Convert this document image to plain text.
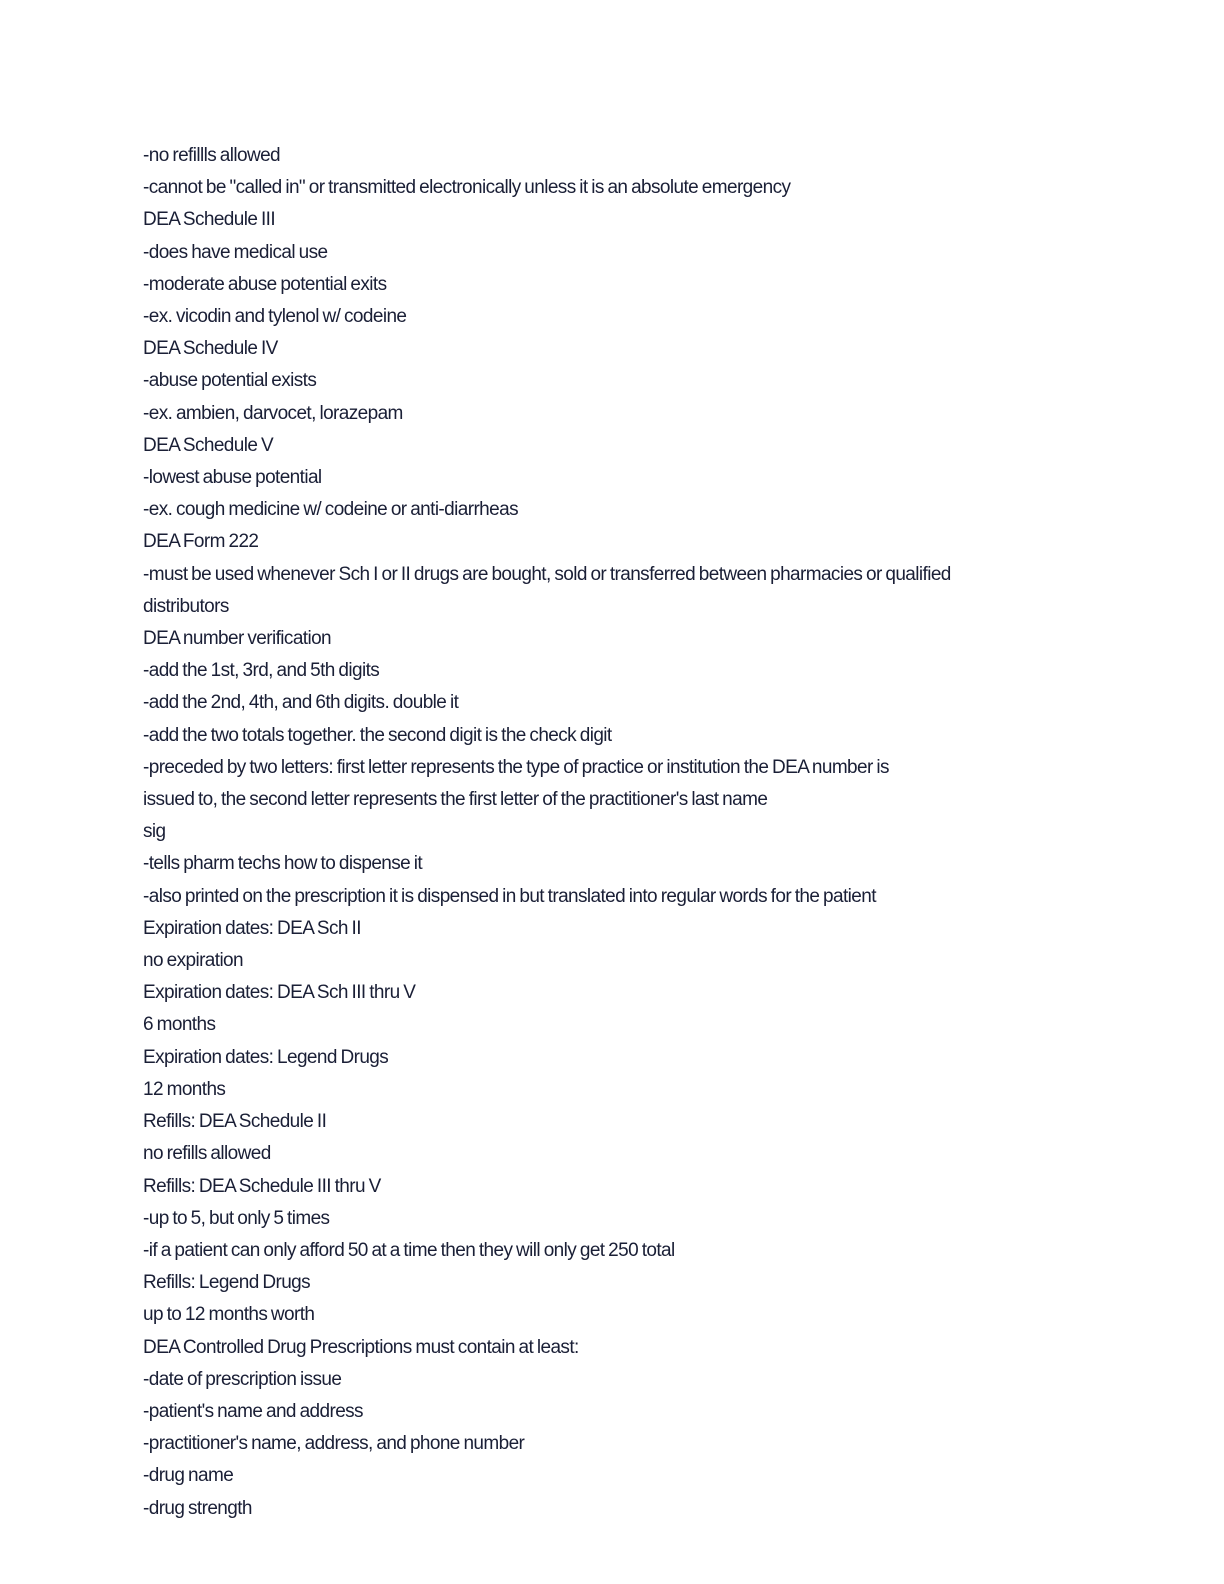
-no refillls allowed
-cannot be "called in" or transmitted electronically unless it is an absolute emergency
DEA Schedule III
-does have medical use
-moderate abuse potential exits
-ex. vicodin and tylenol w/ codeine
DEA Schedule IV
-abuse potential exists
-ex. ambien, darvocet, lorazepam
DEA Schedule V
-lowest abuse potential
-ex. cough medicine w/ codeine or anti-diarrheas
DEA Form 222
-must be used whenever Sch I or II drugs are bought, sold or transferred between pharmacies or qualified
distributors
DEA number verification
-add the 1st, 3rd, and 5th digits
-add the 2nd, 4th, and 6th digits. double it
-add the two totals together. the second digit is the check digit
-preceded by two letters: first letter represents the type of practice or institution the DEA number is
issued to, the second letter represents the first letter of the practitioner's last name
sig
-tells pharm techs how to dispense it
-also printed on the prescription it is dispensed in but translated into regular words for the patient
Expiration dates: DEA Sch II
no expiration
Expiration dates: DEA Sch III thru V
6 months
Expiration dates: Legend Drugs
12 months
Refills: DEA Schedule II
no refills allowed
Refills: DEA Schedule III thru V
-up to 5, but only 5 times
-if a patient can only afford 50 at a time then they will only get 250 total
Refills: Legend Drugs
up to 12 months worth
DEA Controlled Drug Prescriptions must contain at least:
-date of prescription issue
-patient's name and address
-practitioner's name, address, and phone number
-drug name
-drug strength
